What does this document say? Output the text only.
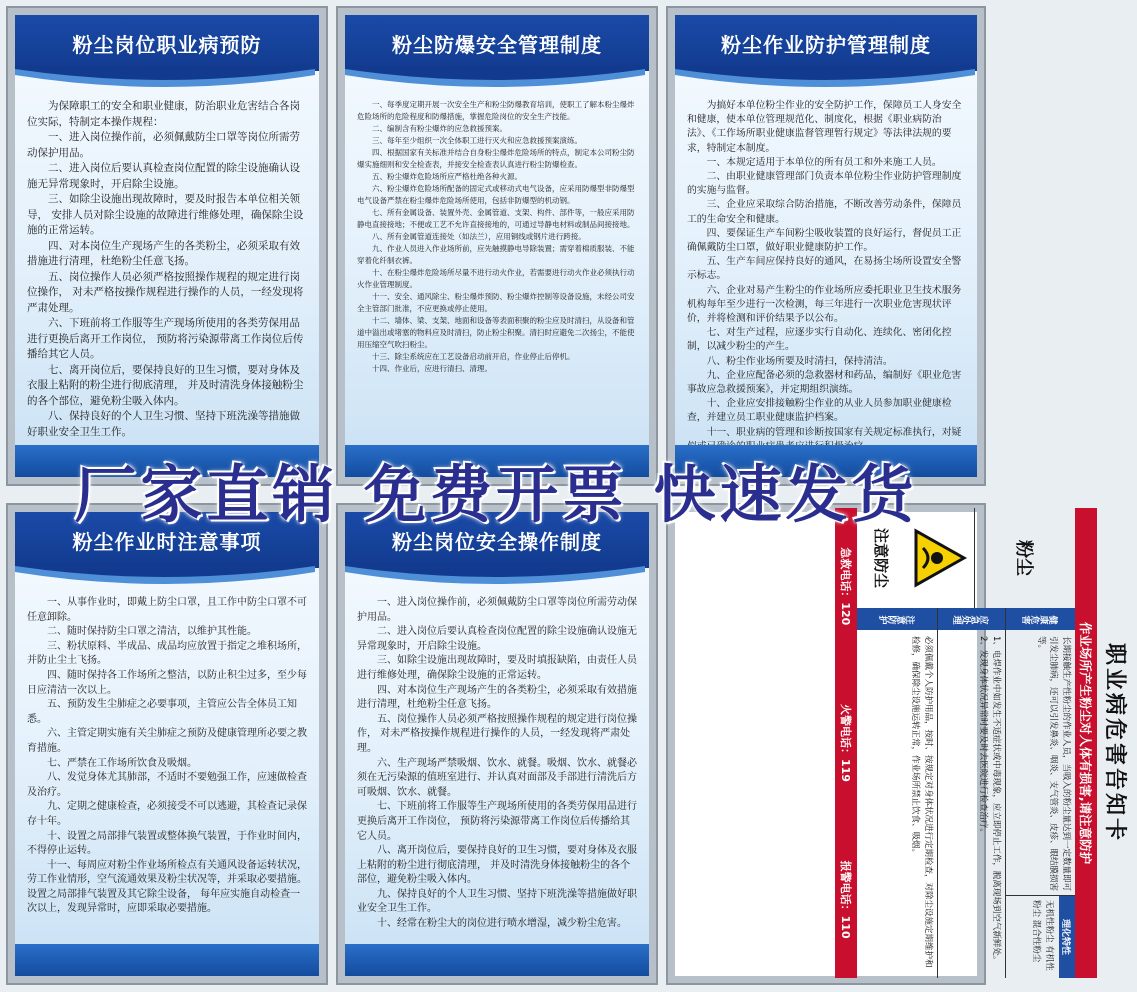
粉尘岗位职业病预防

为保障职工的安全和职业健康，防治职业危害结合各岗位实际，特制定本操作规程：

一、进入岗位操作前，必须佩戴防尘口罩等岗位所需劳动保护用品。

二、进入岗位后要认真检查岗位配置的除尘设施确认设施无异常现象时，开启除尘设施。

三、如除尘设施出现故障时，要及时报告本单位相关领导， 安排人员对除尘设施的故障进行维修处理，确保除尘设施的正常运转。

四、对本岗位生产现场产生的各类粉尘，必须采取有效措施进行清理，杜绝粉尘任意飞扬。

五、岗位操作人员必须严格按照操作规程的规定进行岗位操作， 对未严格按操作规程进行操作的人员，一经发现将严肃处理。

六、下班前将工作服等生产现场所使用的各类劳保用品进行更换后离开工作岗位， 预防将污染源带离工作岗位后传播给其它人员。

七、离开岗位后，要保持良好的卫生习惯，要对身体及衣服上粘附的粉尘进行彻底清理， 并及时清洗身体接触粉尘的各个部位，避免粉尘吸入体内。

八、保持良好的个人卫生习惯、坚持下班洗澡等措施做好职业安全卫生工作。

粉尘防爆安全管理制度

一、每季度定期开展一次安全生产和粉尘防爆教育培训，使职工了解本粉尘爆炸危险场所的危险程度和防爆措施，掌握危险岗位的安全生产技能。

二、编制含有粉尘爆炸的应急救援预案。

三、每年至少组织一次全体职工进行灭火和应急救援预案演练。

四、根据国家有关标准并结合自身粉尘爆炸危险场所的特点，制定本公司粉尘防爆实施细则和安全检查表，并接安全检查表认真进行粉尘防爆检查。

五、粉尘爆炸危险场所应严格杜绝各种火源。

六、粉尘爆炸危险场所配备的固定式或移动式电气设备，应采用防爆型非防爆型电气设备严禁在粉尘爆炸危险场所使用，包括非防爆型的机动钢。

七、所有金属设备、装置外壳、金属管道、支架、构件、部件等，一般应采用防静电直接接地；不便或工艺不允许直接接地的，可通过导静电材料或制品间接接地。

八、所有金属管道连接处（如法兰），应用铜线或钢片进行跨接。

九、作业人员进入作业场所前，应先触摸静电导除装置；需穿着棉质服装、不能穿着化纤制衣裤。

十、在粉尘爆炸危险场所尽量不进行动火作业，若需要进行动火作业必须执行动火作业管理制度。

十一、安全、通风除尘、粉尘爆炸预防、粉尘爆炸控制等设备设施，未经公司安全主管部门批准，不应更换或停止使用。

十二、墙体、梁、支架、地面和设备等表面积聚的粉尘应及时清扫，从设备和管道中溢出或堵塞的物料应及时清扫，防止粉尘积聚。清扫时应避免二次扬尘，不能使用压缩空气吹扫粉尘。

十三、除尘系统应在工艺设备启动前开启，作业停止后停机。

十四、作业后，应进行清扫、清理。

粉尘作业防护管理制度

为搞好本单位粉尘作业的安全防护工作，保障员工人身安全和健康，使本单位管理规范化、制度化，根据《职业病防治法》、《工作场所职业健康监督管理暂行规定》等法律法规的要求，特制定本制度。

一、本规定适用于本单位的所有员工和外来施工人员。

二、由职业健康管理部门负责本单位粉尘作业防护管理制度的实施与监督。

三、企业应采取综合防治措施，不断改善劳动条件，保障员工的生命安全和健康。

四、要保证生产车间粉尘吸收装置的良好运行，督促员工正确佩戴防尘口罩，做好职业健康防护工作。

五、生产车间应保持良好的通风，在易扬尘场所设置安全警示标志。

六、企业对易产生粉尘的作业场所应委托职业卫生技术服务机构每年至少进行一次检测，每三年进行一次职业危害现状评价，并将检测和评价结果予以公布。

七、对生产过程，应逐步实行自动化、连续化、密闭化控制，以减少粉尘的产生。

八、粉尘作业场所要及时清扫，保持清洁。

九、企业应配备必须的急救器材和药品，编制好《职业危害事故应急救援预案》，并定期组织演练。

十、企业应安排接触粉尘作业的从业人员参加职业健康检查，并建立员工职业健康监护档案。

十一、职业病的管理和诊断按国家有关规定标准执行，对疑

厂家直销 免费开票 快速发货
粉尘作业时注意事项

一、从事作业时，即戴上防尘口罩，且工作中防尘口罩不可任意卸除。

二、随时保持防尘口罩之清洁，以维护其性能。

三、粉状原料、半成品、成品均应放置于指定之堆积场所，并防止尘土飞扬。

四、随时保持各工作场所之整洁，以防止积尘过多，至少每日应清洁一次以上。

五、预防发生尘肺症之必要事项，主管应公告全体员工知悉。

六、主管定期实施有关尘肺症之预防及健康管理所必要之教育措施。

七、严禁在工作场所饮食及吸烟。

八、发觉身体尤其肺部，不适时不要勉强工作，应速做检查及治疗。

九、定期之健康检查，必须接受不可以逃避，其检查记录保存十年。

十、设置之局部排气装置或整体换气装置，于作业时间内，不得停止运转。

十一、每周应对粉尘作业场所检点有关通风设备运转状况，劳工作业情形，空气流通效果及粉尘状况等，并采取必要措施。设置之局部排气装置及其它除尘设备， 每年应实施自动检查一次以上，发现异常时，应即采取必要措施。

粉尘岗位安全操作制度

一、进入岗位操作前，必须佩戴防尘口罩等岗位所需劳动保护用品。

二、进入岗位后要认真检查岗位配置的除尘设施确认设施无异常现象时，开启除尘设施。

三、如除尘设施出现故障时，要及时填报缺陷，由责任人员进行维修处理，确保除尘设施的正常运转。

四、对本岗位生产现场产生的各类粉尘，必须采取有效措施进行清理，杜绝粉尘任意飞扬。

五、岗位操作人员必须严格按照操作规程的规定进行岗位操作， 对未严格按操作规程进行操作的人员，一经发现将严肃处理。

六、生产现场严禁吸烟、饮水、就餐。吸烟、饮水、就餐必须在无污染源的值班室进行、并认真对面部及手部进行清洗后方可吸烟、饮水、就餐。

七、下班前将工作服等生产现场所使用的各类劳保用品进行更换后离开工作岗位， 预防将污染源带离工作岗位后传播给其它人员。

八、离开岗位后，要保持良好的卫生习惯，要对身体及衣服上粘附的粉尘进行彻底清理， 并及时清洗身体接触粉尘的各个部位，避免粉尘吸入体内。

九、保持良好的个人卫生习惯、坚持下班洗澡等措施做好职业安全卫生工作。

十、经常在粉尘大的岗位进行喷水增湿，减少粉尘危害。

职业病危害告知卡
作业场所产生粉尘对人体有损害,请注意防护
粉尘
注意防尘
健康危害
长期接触生产性粉尘的作业人员，当吸入的粉尘量达到一定数量即可引发尘肺病，还可以引发鼻炎、咽炎、支气管炎、皮疹、眼结膜损害等。
理化特性
无机性粉尘 有机性粉尘 混合性粉尘
应急处理
1、电焊作业中如发生不适症状或中毒现象，应立即停止工作，脱离现场到空气新鲜处。 2、发现身体状况异常时要及时去医院进行检查治疗。
注意防护
必须佩戴个人防护用品，按时、按规定对身体状况进行定期检查，对除尘设施定期维护和检修，确保除尘设施运转正常，作业场所禁止饮食、吸烟。
急救电话：120
火警电话：119
报警电话：110
